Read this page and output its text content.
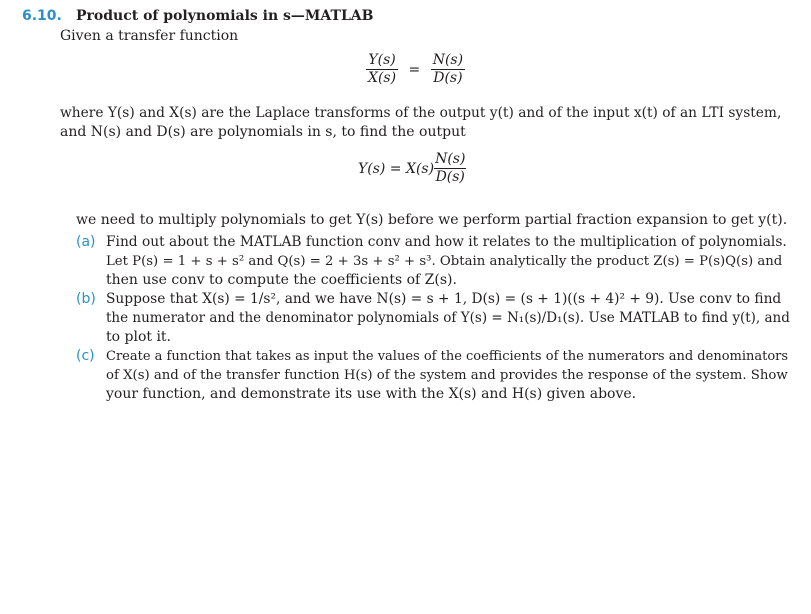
6.10. Product of polynomials in s—MATLAB
Given a transfer function
$\frac{Y(s)}{X(s)} = \frac{N(s)}{D(s)}$
where Y(s) and X(s) are the Laplace transforms of the output y(t) and of the input x(t) of an LTI system,
and N(s) and D(s) are polynomials in s, to find the output
$Y(s) = X(s) \frac{N(s)}{D(s)}$
we need to multiply polynomials to get Y(s) before we perform partial fraction expansion to get y(t).
(a) Find out about the MATLAB function conv and how it relates to the multiplication of polynomials.
Let P(s) = 1 + s + s² and Q(s) = 2 + 3s + s² + s³. Obtain analytically the product Z(s) = P(s)Q(s) and
then use conv to compute the coefficients of Z(s).
(b) Suppose that X(s) = 1/s², and we have N(s) = s + 1, D(s) = (s + 1)((s + 4)² + 9). Use conv to find
the numerator and the denominator polynomials of Y(s) = N₁(s)/D₁(s). Use MATLAB to find y(t), and
to plot it.
(c) Create a function that takes as input the values of the coefficients of the numerators and denominators
of X(s) and of the transfer function H(s) of the system and provides the response of the system. Show
your function, and demonstrate its use with the X(s) and H(s) given above.
